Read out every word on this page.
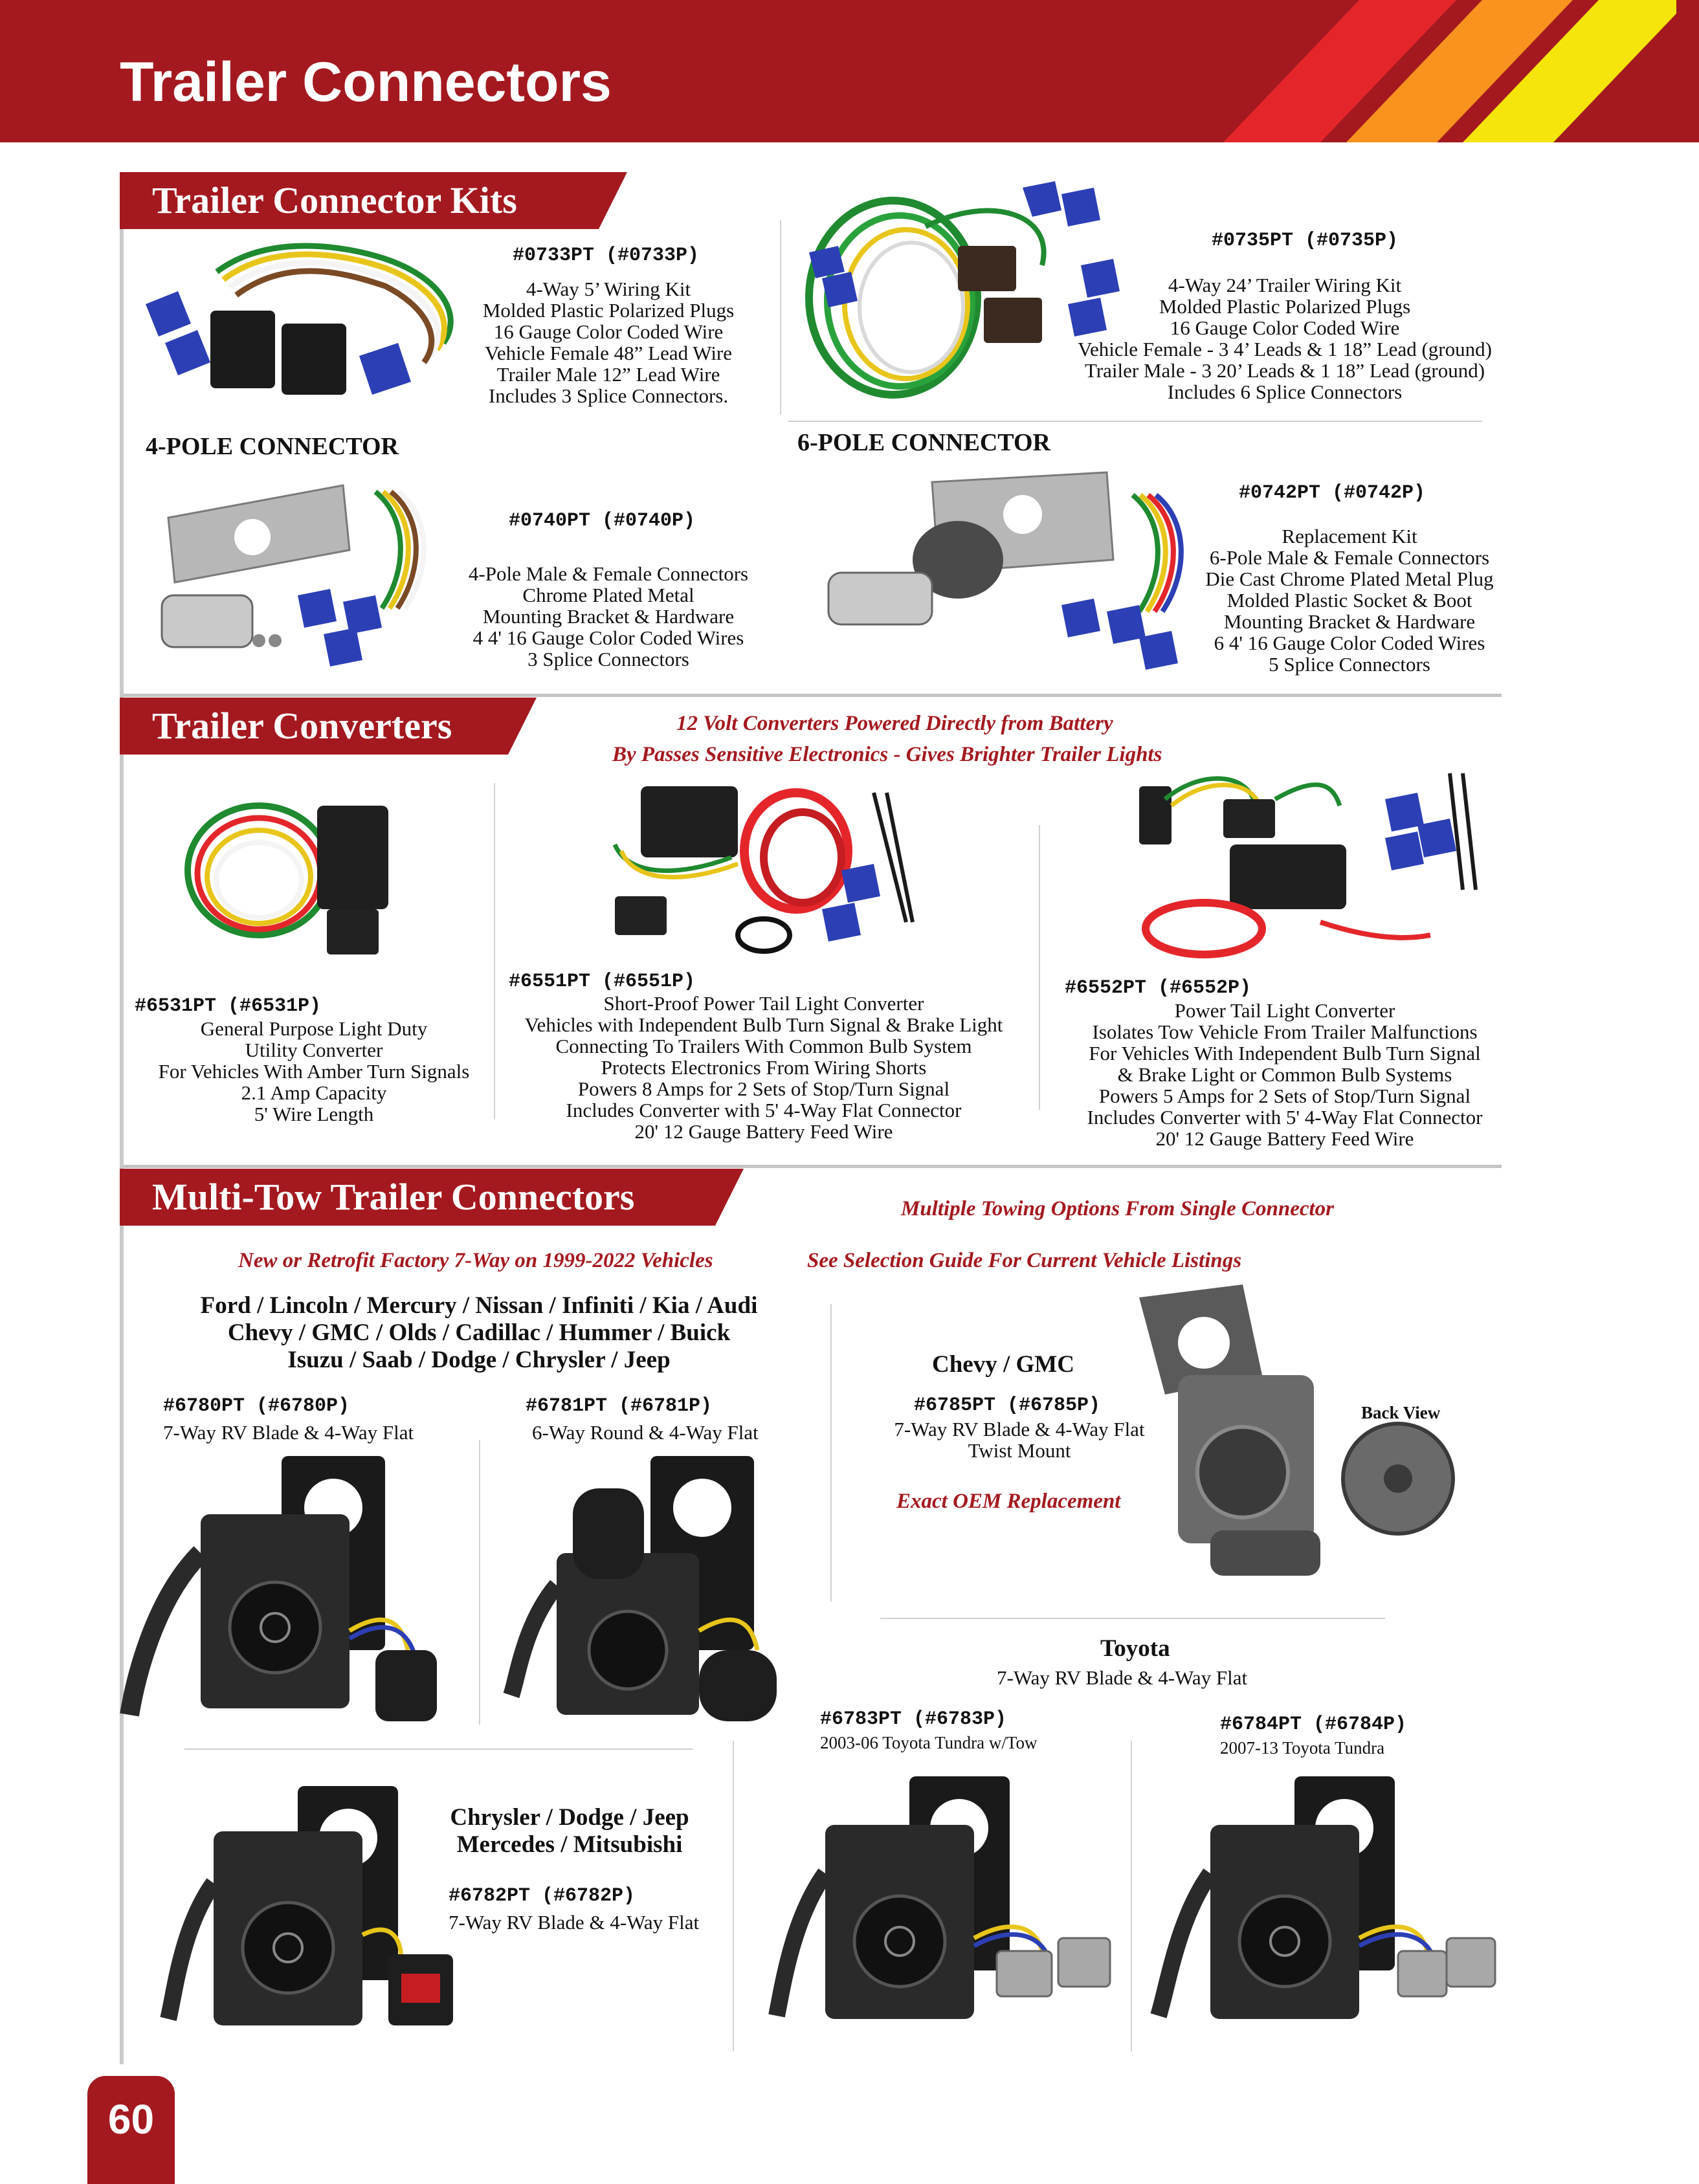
Trailer Connectors
Trailer Connector Kits
#0733PT (#0733P)
4-Way 5’ Wiring Kit
Molded Plastic Polarized Plugs
16 Gauge Color Coded Wire
Vehicle Female 48” Lead Wire
Trailer Male 12” Lead Wire
Includes 3 Splice Connectors.
#0735PT (#0735P)
4-Way 24’ Trailer Wiring Kit
Molded Plastic Polarized Plugs
16 Gauge Color Coded Wire
Vehicle Female - 3 4’ Leads & 1 18” Lead (ground)
Trailer Male - 3 20’ Leads & 1 18” Lead (ground)
Includes 6 Splice Connectors
4-POLE CONNECTOR	6-POLE CONNECTOR
#0740PT (#0740P)
4-Pole Male & Female Connectors
Chrome Plated Metal
Mounting Bracket & Hardware
4 4' 16 Gauge Color Coded Wires
3 Splice Connectors
#0742PT (#0742P)
Replacement Kit
6-Pole Male & Female Connectors
Die Cast Chrome Plated Metal Plug
Molded Plastic Socket & Boot
Mounting Bracket & Hardware
6 4' 16 Gauge Color Coded Wires
5 Splice Connectors
Trailer Converters	12 Volt Converters Powered Directly from Battery
By Passes Sensitive Electronics - Gives Brighter Trailer Lights
#6531PT (#6531P)
General Purpose Light Duty
Utility Converter
For Vehicles With Amber Turn Signals
2.1 Amp Capacity
5' Wire Length
#6551PT (#6551P)
Short-Proof Power Tail Light Converter
Vehicles with Independent Bulb Turn Signal & Brake Light
Connecting To Trailers With Common Bulb System
Protects Electronics From Wiring Shorts
Powers 8 Amps for 2 Sets of Stop/Turn Signal
Includes Converter with 5' 4-Way Flat Connector
20' 12 Gauge Battery Feed Wire
#6552PT (#6552P)
Power Tail Light Converter
Isolates Tow Vehicle From Trailer Malfunctions
For Vehicles With Independent Bulb Turn Signal
& Brake Light or Common Bulb Systems
Powers 5 Amps for 2 Sets of Stop/Turn Signal
Includes Converter with 5' 4-Way Flat Connector
20' 12 Gauge Battery Feed Wire
Multi-Tow Trailer Connectors	Multiple Towing Options From Single Connector
New or Retrofit Factory 7-Way on 1999-2022 Vehicles	See Selection Guide For Current Vehicle Listings
Ford / Lincoln / Mercury / Nissan / Infiniti / Kia / Audi
Chevy / GMC / Olds / Cadillac / Hummer / Buick
Isuzu / Saab / Dodge / Chrysler / Jeep
#6780PT (#6780P)
7-Way RV Blade & 4-Way Flat
#6781PT (#6781P)
6-Way Round & 4-Way Flat
Chevy / GMC
#6785PT (#6785P)
7-Way RV Blade & 4-Way Flat
Twist Mount
Exact OEM Replacement
Back View
Chrysler / Dodge / Jeep
Mercedes / Mitsubishi
#6782PT (#6782P)
7-Way RV Blade & 4-Way Flat
Toyota
7-Way RV Blade & 4-Way Flat
#6783PT (#6783P)
2003-06 Toyota Tundra w/Tow
#6784PT (#6784P)
2007-13 Toyota Tundra
60
